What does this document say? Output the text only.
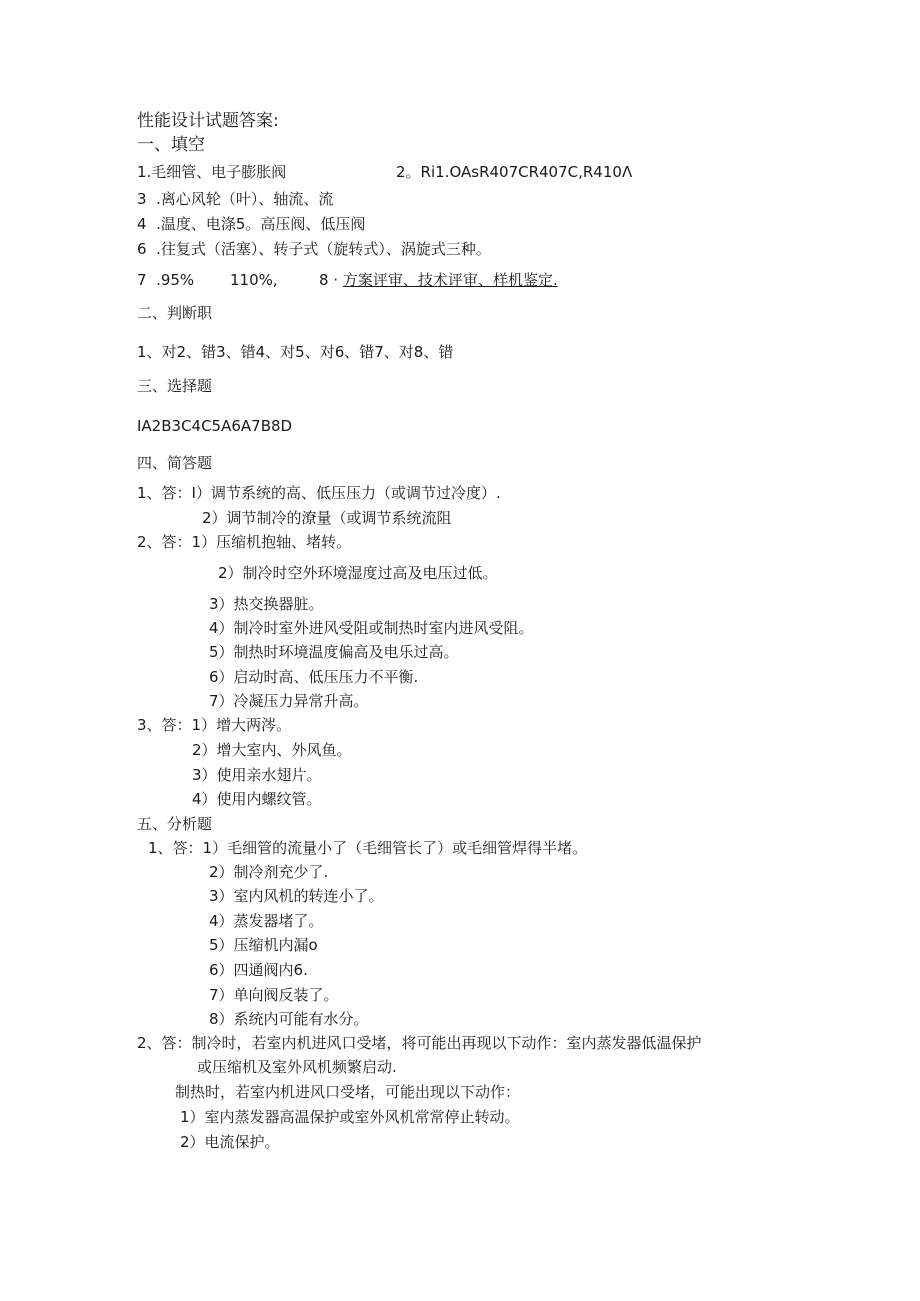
性能设计试题答案:
一、填空
1.毛细管、电子膨胀阀	2。Ri1.OAsR407CR407C,R410Λ
3  .离心风轮（叶）、轴流、流
4  .温度、电涤5。高压阀、低压阀
6  .往复式（活塞）、转子式（旋转式）、涡旋式三种。
7  .95% 110%,	8 · 方案评审、技术评审、样机鉴定.
二、判断职
1、对2、错3、错4、对5、对6、错7、对8、错
三、选择题
IA2B3C4C5A6A7B8D
四、简答题
1、答：I）调节系统的高、低压压力（或调节过冷度）.
2）调节制冷的潦量（或调节系统流阻
2、答：1）压缩机抱轴、堵转。
2）制冷时空外环境湿度过高及电压过低。
3）热交换器脏。
4）制冷时室外进风受阻或制热时室内进风受阻。
5）制热时环境温度偏高及电乐过高。
6）启动时高、低压压力不平衡.
7）冷凝压力异常升高。
3、答：1）增大两涔。
2）增大室内、外风鱼。
3）使用亲水翅片。
4）使用内螺纹管。
五、分析题
1、答：1）毛细管的流量小了（毛细管长了）或毛细管焊得半堵。
2）制冷剂充少了.
3）室内风机的转连小了。
4）蒸发器堵了。
5）压缩机内漏o
6）四通阀内6.
7）单向阀反装了。
8）系统内可能有水分。
2、答：制冷时，若室内机进风口受堵，将可能出再现以下动作：室内蒸发器低温保护
或压缩机及室外风机频繁启动.
制热时，若室内机进风口受堵，可能出现以下动作：
1）室内蒸发器高温保护或室外风机常常停止转动。
2）电流保护。
